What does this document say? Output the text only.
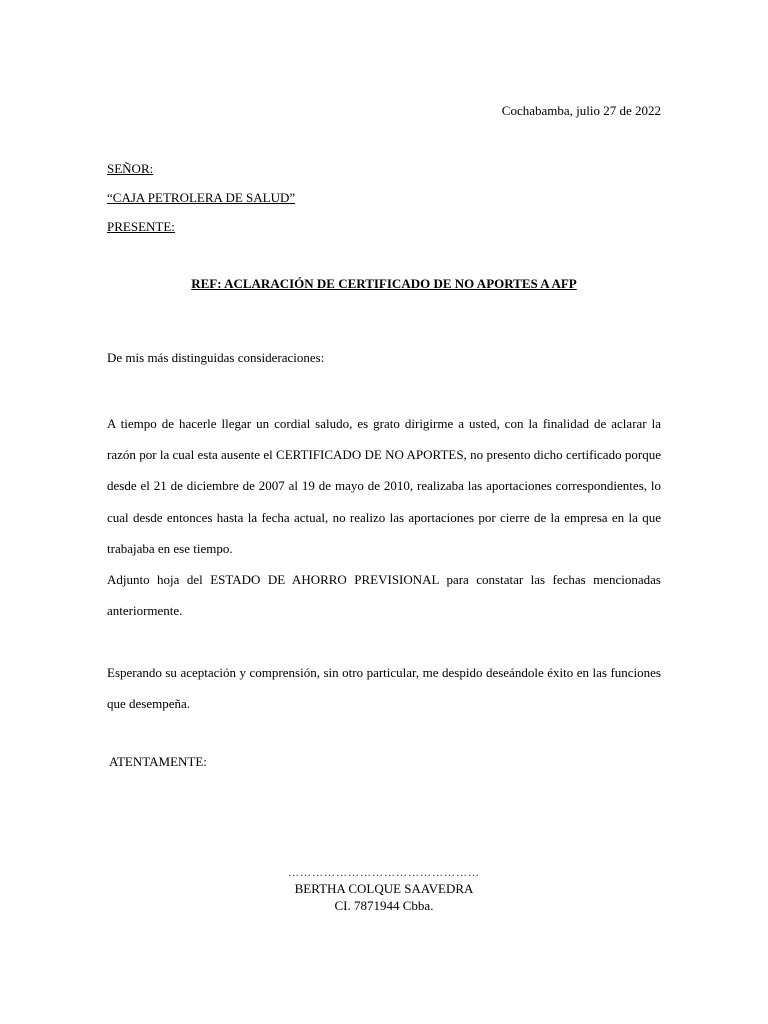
Cochabamba, julio 27 de 2022
SEÑOR:
“CAJA PETROLERA DE SALUD”
PRESENTE:
REF: ACLARACIÓN DE CERTIFICADO DE NO APORTES A AFP
De mis más distinguidas consideraciones:

A tiempo de hacerle llegar un cordial saludo, es grato dirigirme a usted, con la finalidad de aclarar la razón por la cual esta ausente el CERTIFICADO DE NO APORTES, no presento dicho certificado porque desde el 21 de diciembre de 2007 al 19 de mayo de 2010, realizaba las aportaciones correspondientes, lo cual desde entonces hasta la fecha actual, no realizo las aportaciones por cierre de la empresa en la que trabajaba en ese tiempo.

Adjunto hoja del ESTADO DE AHORRO PREVISIONAL para constatar las fechas mencionadas anteriormente.

Esperando su aceptación y comprensión, sin otro particular, me despido deseándole éxito en las funciones que desempeña.

ATENTAMENTE:
…………………………………………
BERTHA COLQUE SAAVEDRA
CI. 7871944 Cbba.
